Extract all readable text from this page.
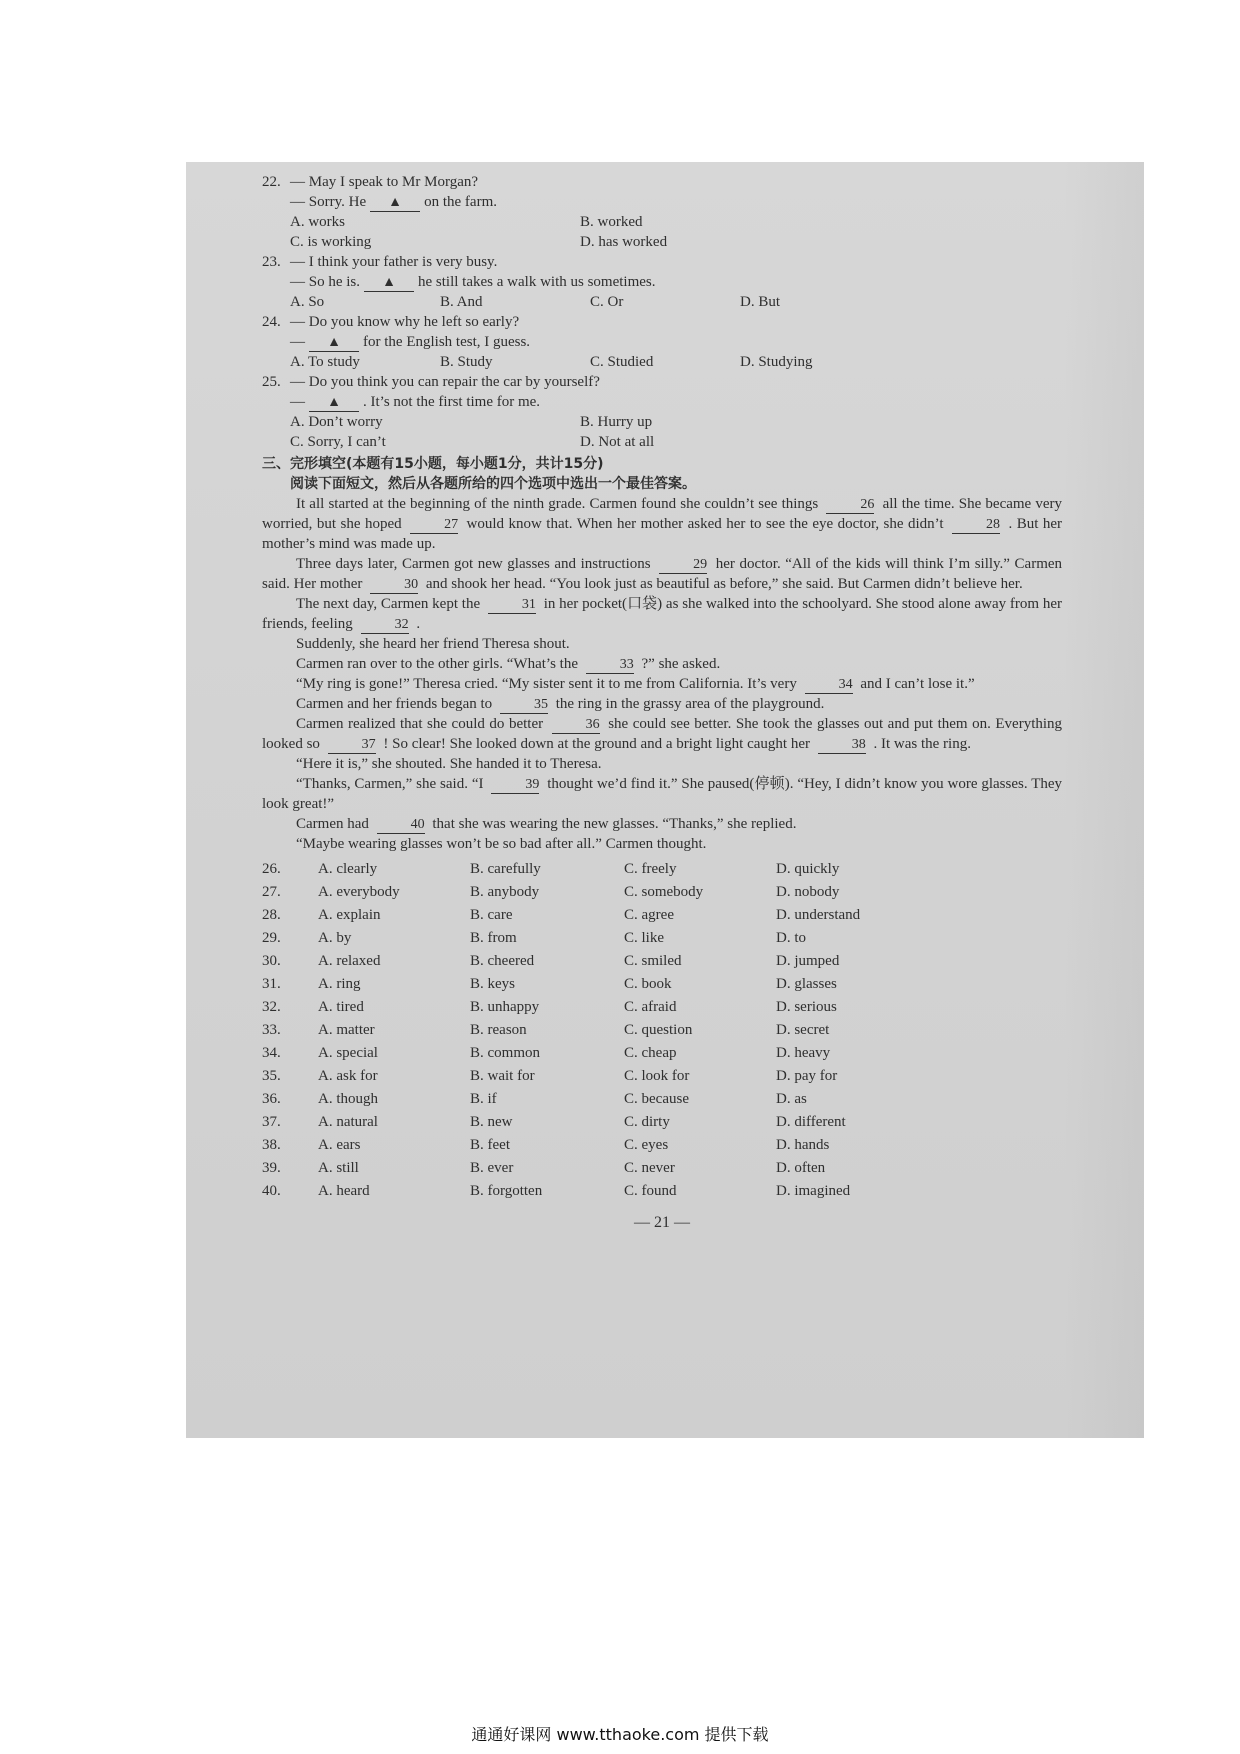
22. — May I speak to Mr Morgan?
— Sorry. He ▲	on the farm.
A. works	B. worked
C. is working	D. has worked
23. — I think your father is very busy.
— So he is. ▲	he still takes a walk with us sometimes.
A. So	B. And	C. Or	D. But
24. — Do you know why he left so early?
— ▲	for the English test, I guess.
A. To study	B. Study	C. Studied	D. Studying
25. — Do you think you can repair the car by yourself?
— ▲	. It’s not the first time for me.
A. Don’t worry	B. Hurry up
C. Sorry, I can’t	D. Not at all
三、完形填空(本题有15小题，每小题1分，共计15分)
阅读下面短文，然后从各题所给的四个选项中选出一个最佳答案。

It all started at the beginning of the ninth grade. Carmen found she couldn’t see things	26 all the time. She became very worried, but she hoped	27 would know that. When her mother asked her to see the eye doctor, she didn’t	28 . But her mother’s mind was made up.

Three days later, Carmen got new glasses and instructions	29 her doctor. “All of the kids will think I’m silly.” Carmen said. Her mother	30 and shook her head. “You look just as beautiful as before,” she said. But Carmen didn’t believe her.

The next day, Carmen kept the	31 in her pocket(口袋) as she walked into the schoolyard. She stood alone away from her friends, feeling	32 .

Suddenly, she heard her friend Theresa shout.

Carmen ran over to the other girls. “What’s the	33 ?” she asked.

“My ring is gone!” Theresa cried. “My sister sent it to me from California. It’s very	34 and I can’t lose it.”

Carmen and her friends began to	35 the ring in the grassy area of the playground.

Carmen realized that she could do better	36 she could see better. She took the glasses out and put them on. Everything looked so	37 ! So clear! She looked down at the ground and a bright light caught her	38 . It was the ring.

“Here it is,” she shouted. She handed it to Theresa.

“Thanks, Carmen,” she said. “I	39 thought we’d find it.” She paused(停顿). “Hey, I didn’t know you wore glasses. They look great!”

Carmen had	40 that she was wearing the new glasses. “Thanks,” she replied.

“Maybe wearing glasses won’t be so bad after all.” Carmen thought.

26.	A. clearly	B. carefully	C. freely	D. quickly
27.	A. everybody	B. anybody	C. somebody	D. nobody
28.	A. explain	B. care	C. agree	D. understand
29.	A. by	B. from	C. like	D. to
30.	A. relaxed	B. cheered	C. smiled	D. jumped
31.	A. ring	B. keys	C. book	D. glasses
32.	A. tired	B. unhappy	C. afraid	D. serious
33.	A. matter	B. reason	C. question	D. secret
34.	A. special	B. common	C. cheap	D. heavy
35.	A. ask for	B. wait for	C. look for	D. pay for
36.	A. though	B. if	C. because	D. as
37.	A. natural	B. new	C. dirty	D. different
38.	A. ears	B. feet	C. eyes	D. hands
39.	A. still	B. ever	C. never	D. often
40.	A. heard	B. forgotten	C. found	D. imagined
— 21 —
通通好课网 www.tthaoke.com 提供下载
